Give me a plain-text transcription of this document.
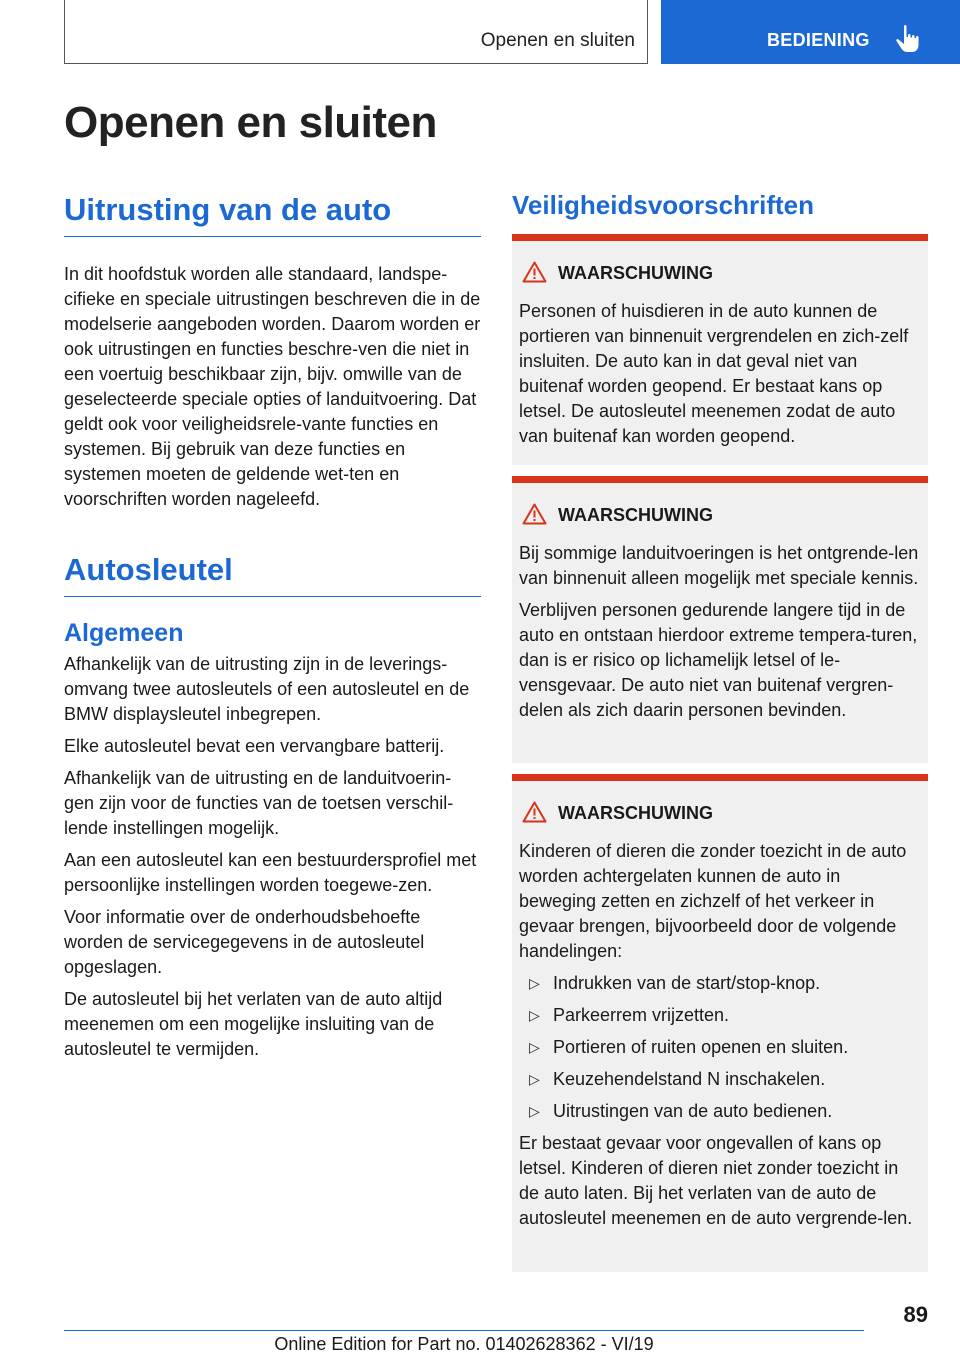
Openen en sluiten	BEDIENING
Openen en sluiten
Uitrusting van de auto

In dit hoofdstuk worden alle standaard, landspe-cifieke en speciale uitrustingen beschreven die in de modelserie aangeboden worden. Daarom worden er ook uitrustingen en functies beschre-ven die niet in een voertuig beschikbaar zijn, bijv. omwille van de geselecteerde speciale opties of landuitvoering. Dat geldt ook voor veiligheidsrele-vante functies en systemen. Bij gebruik van deze functies en systemen moeten de geldende wet-ten en voorschriften worden nageleefd.

Autosleutel
Algemeen

Afhankelijk van de uitrusting zijn in de leverings-omvang twee autosleutels of een autosleutel en de BMW displaysleutel inbegrepen.

Elke autosleutel bevat een vervangbare batterij.

Afhankelijk van de uitrusting en de landuitvoerin-gen zijn voor de functies van de toetsen verschil-lende instellingen mogelijk.

Aan een autosleutel kan een bestuurdersprofiel met persoonlijke instellingen worden toegewe-zen.

Voor informatie over de onderhoudsbehoefte worden de servicegegevens in de autosleutel opgeslagen.

De autosleutel bij het verlaten van de auto altijd meenemen om een mogelijke insluiting van de autosleutel te vermijden.

Veiligheidsvoorschriften
WAARSCHUWING

Personen of huisdieren in de auto kunnen de portieren van binnenuit vergrendelen en zich-zelf insluiten. De auto kan in dat geval niet van buitenaf worden geopend. Er bestaat kans op letsel. De autosleutel meenemen zodat de auto van buitenaf kan worden geopend.

WAARSCHUWING

Bij sommige landuitvoeringen is het ontgrende-len van binnenuit alleen mogelijk met speciale kennis.

Verblijven personen gedurende langere tijd in de auto en ontstaan hierdoor extreme tempera-turen, dan is er risico op lichamelijk letsel of le-vensgevaar. De auto niet van buitenaf vergren-delen als zich daarin personen bevinden.

WAARSCHUWING

Kinderen of dieren die zonder toezicht in de auto worden achtergelaten kunnen de auto in beweging zetten en zichzelf of het verkeer in gevaar brengen, bijvoorbeeld door de volgende handelingen:

▷ Indrukken van de start/stop-knop.

▷ Parkeerrem vrijzetten.

▷ Portieren of ruiten openen en sluiten.

▷ Keuzehendelstand N inschakelen.

▷ Uitrustingen van de auto bedienen.

Er bestaat gevaar voor ongevallen of kans op letsel. Kinderen of dieren niet zonder toezicht in de auto laten. Bij het verlaten van de auto de autosleutel meenemen en de auto vergrende-len.

89
Online Edition for Part no. 01402628362 - VI/19
